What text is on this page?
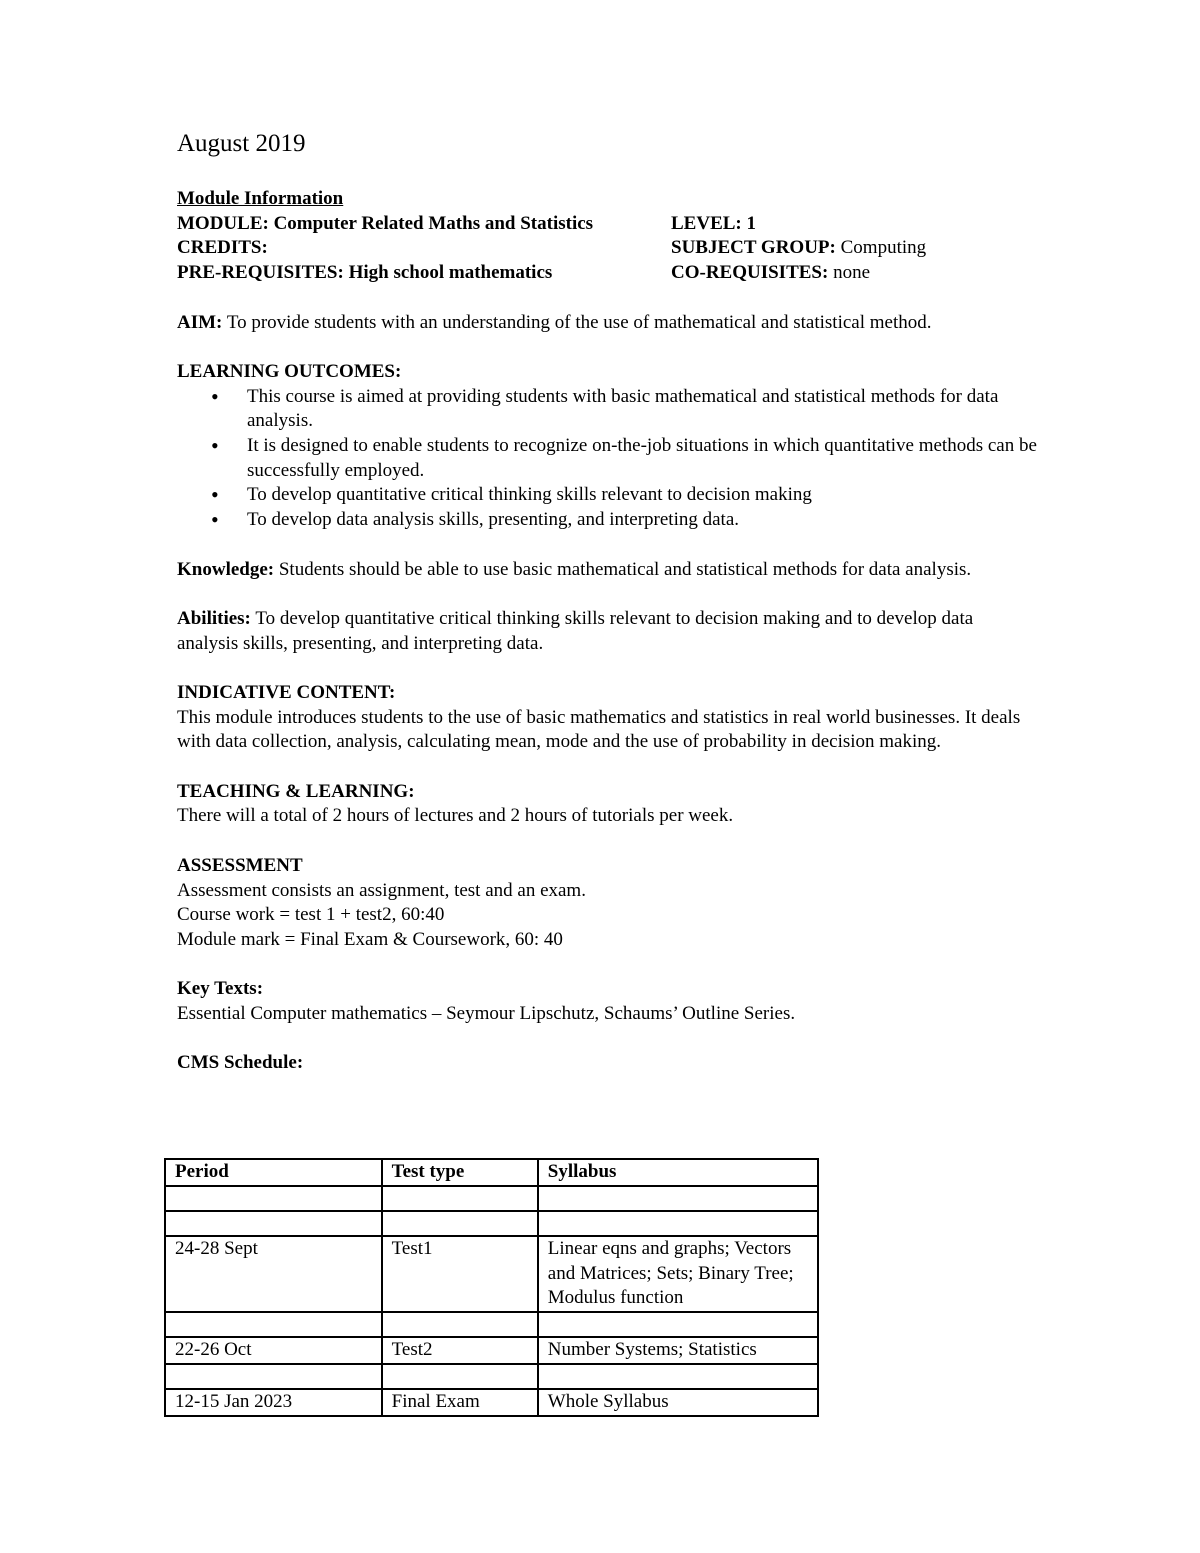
August 2019
Module Information
MODULE: Computer Related Maths and Statistics	LEVEL: 1
CREDITS:	SUBJECT GROUP: Computing
PRE-REQUISITES: High school mathematics	CO-REQUISITES: none
AIM: To provide students with an understanding of the use of mathematical and statistical method.
LEARNING OUTCOMES:
• This course is aimed at providing students with basic mathematical and statistical methods for data analysis.
• It is designed to enable students to recognize on-the-job situations in which quantitative methods can be successfully employed.
• To develop quantitative critical thinking skills relevant to decision making
• To develop data analysis skills, presenting, and interpreting data.
Knowledge: Students should be able to use basic mathematical and statistical methods for data analysis.
Abilities: To develop quantitative critical thinking skills relevant to decision making and to develop data analysis skills, presenting, and interpreting data.
INDICATIVE CONTENT:
This module introduces students to the use of basic mathematics and statistics in real world businesses. It deals with data collection, analysis, calculating mean, mode and the use of probability in decision making.
TEACHING & LEARNING:
There will a total of 2 hours of lectures and 2 hours of tutorials per week.
ASSESSMENT
Assessment consists an assignment, test and an exam.
Course work = test 1 + test2, 60:40
Module mark = Final Exam & Coursework, 60: 40
Key Texts:
Essential Computer mathematics – Seymour Lipschutz, Schaums’ Outline Series.
CMS Schedule:
Period	Test type	Syllabus

24-28 Sept	Test1	Linear eqns and graphs; Vectors and Matrices; Sets; Binary Tree; Modulus function

22-26 Oct	Test2	Number Systems; Statistics

12-15 Jan 2023	Final Exam	Whole Syllabus
